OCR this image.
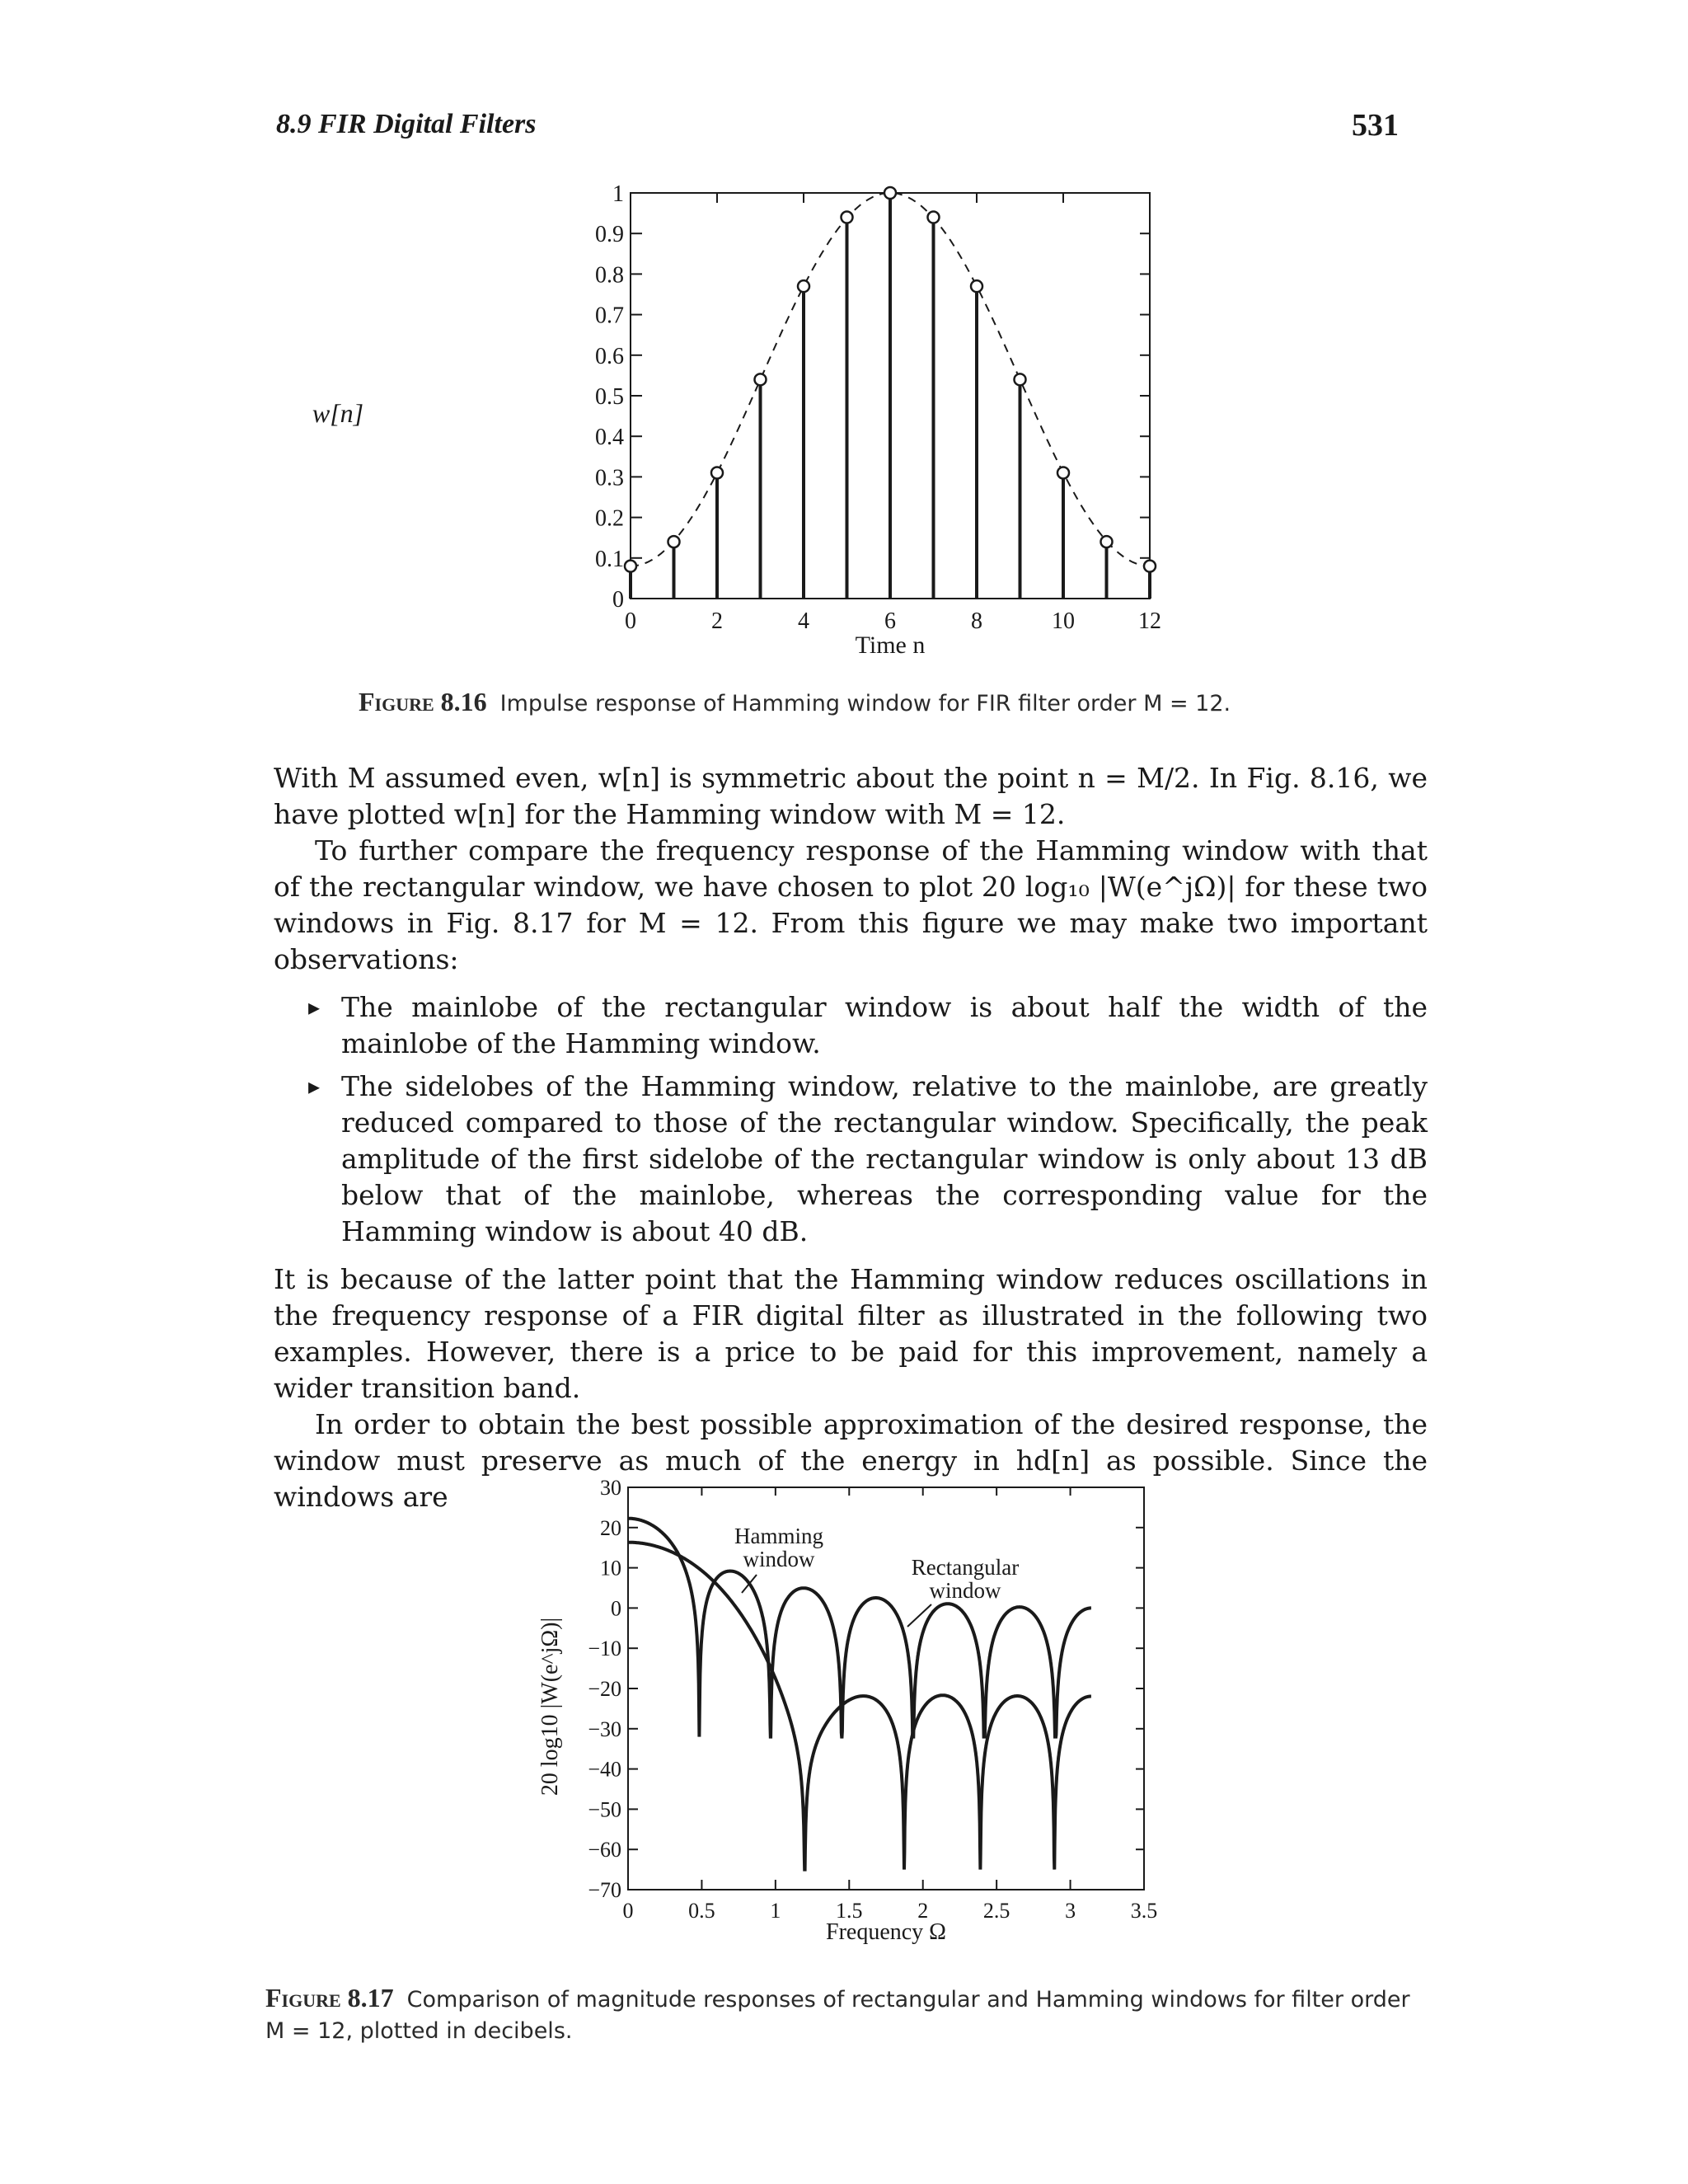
8.9 FIR Digital Filters	531
w[n]
0
0.1
0.2
0.3
0.4
0.5
0.6
0.7
0.8
0.9
1
0	2	4	6	8	10	12
Time n
Figure 8.16 Impulse response of Hamming window for FIR filter order M = 12.

With M assumed even, w[n] is symmetric about the point n = M/2. In Fig. 8.16, we have plotted w[n] for the Hamming window with M = 12.

To further compare the frequency response of the Hamming window with that of the rectangular window, we have chosen to plot 20 log₁₀ |W(e^jΩ)| for these two windows in Fig. 8.17 for M = 12. From this figure we may make two important observations:

▸ The mainlobe of the rectangular window is about half the width of the mainlobe of the Hamming window.
▸ The sidelobes of the Hamming window, relative to the mainlobe, are greatly reduced compared to those of the rectangular window. Specifically, the peak amplitude of the first sidelobe of the rectangular window is only about 13 dB below that of the mainlobe, whereas the corresponding value for the Hamming window is about 40 dB.

It is because of the latter point that the Hamming window reduces oscillations in the frequency response of a FIR digital filter as illustrated in the following two examples. However, there is a price to be paid for this improvement, namely a wider transition band.

In order to obtain the best possible approximation of the desired response, the window must preserve as much of the energy in hd[n] as possible. Since the windows are

20 log10 |W(e^jΩ)|
30
20
10
0
−10
−20
−30
−40
−50
−60
−70
0	0.5	1	1.5	2	2.5	3	3.5
Hamming window	Rectangular window
Frequency Ω
Figure 8.17 Comparison of magnitude responses of rectangular and Hamming windows for filter order M = 12, plotted in decibels.
